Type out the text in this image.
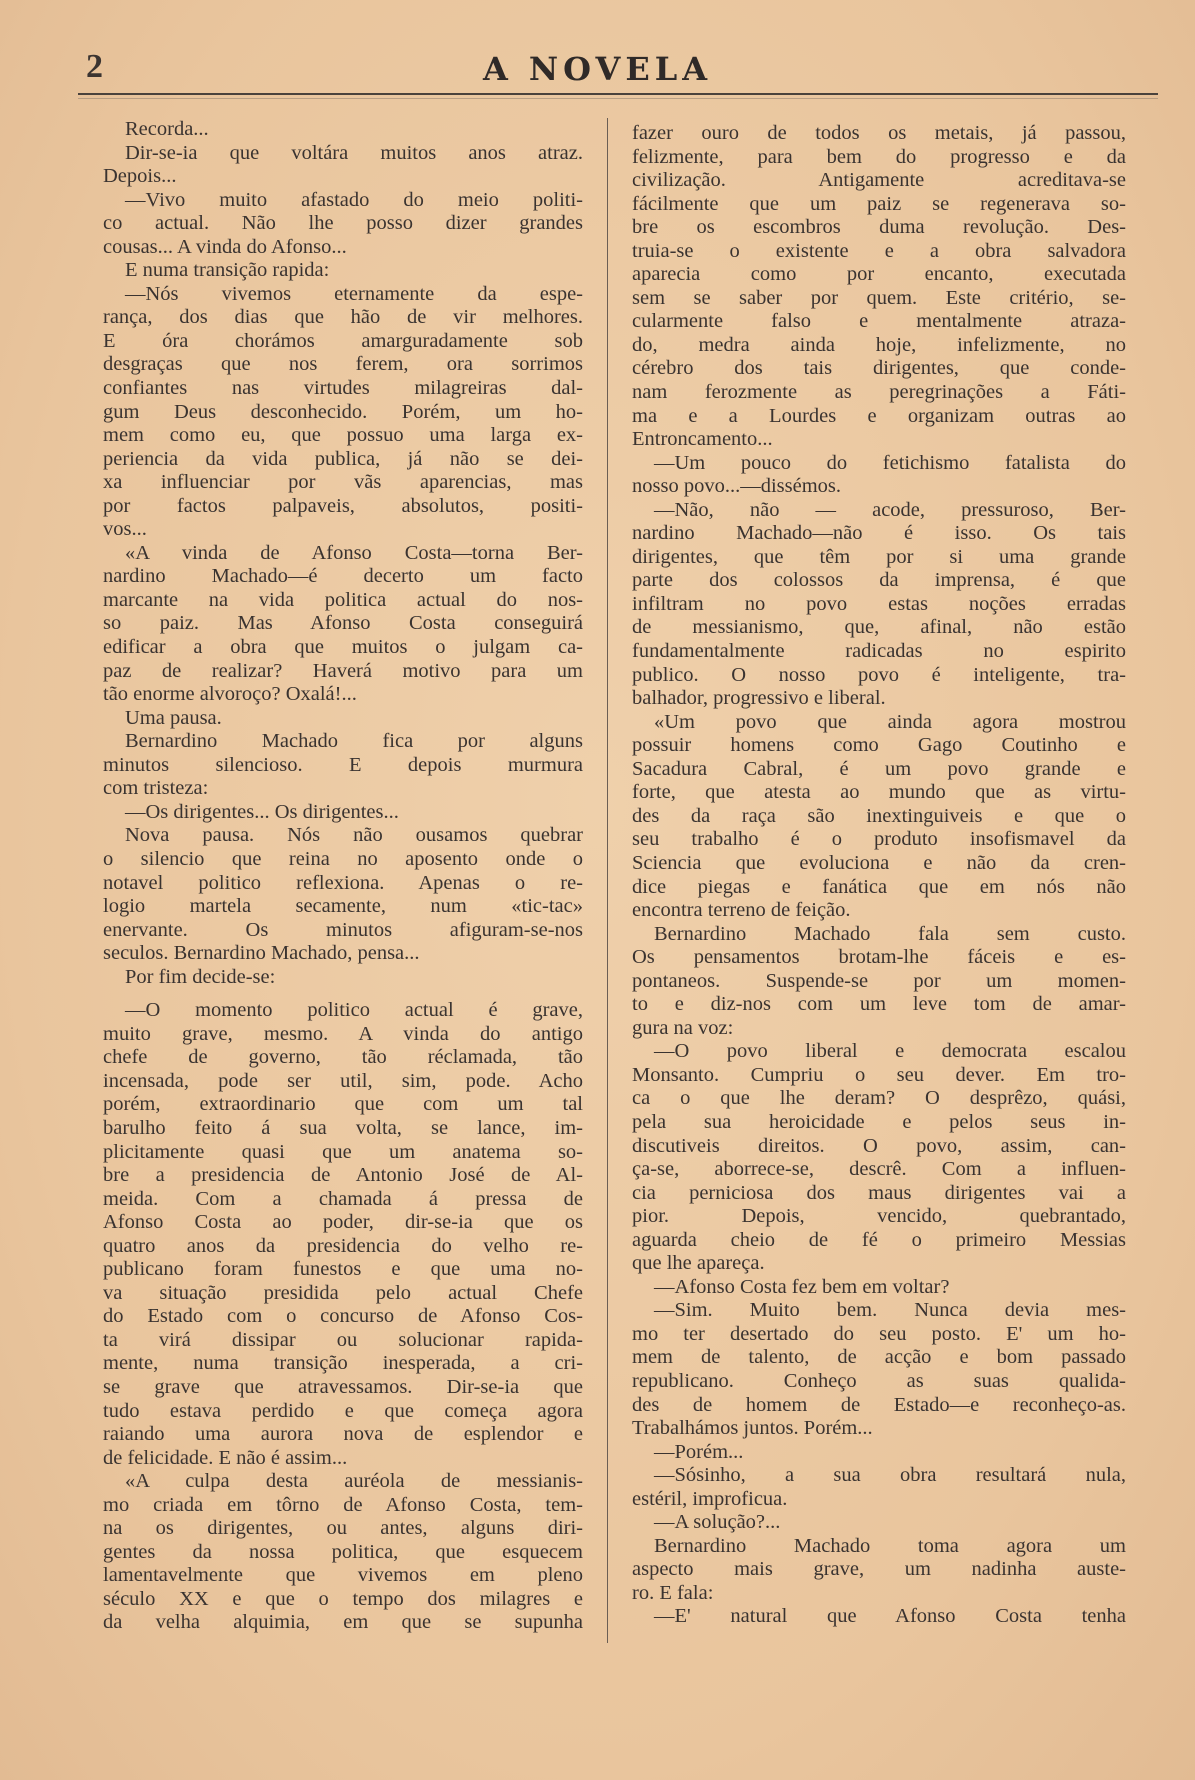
2	A NOVELA
Recorda...
Dir-se-ia que voltára muitos anos atraz.
Depois...
—Vivo muito afastado do meio politi-
co actual. Não lhe posso dizer grandes
cousas... A vinda do Afonso...
E numa transição rapida:
—Nós vivemos eternamente da espe-
rança, dos dias que hão de vir melhores.
E óra chorámos amarguradamente sob
desgraças que nos ferem, ora sorrimos
confiantes nas virtudes milagreiras dal-
gum Deus desconhecido. Porém, um ho-
mem como eu, que possuo uma larga ex-
periencia da vida publica, já não se dei-
xa influenciar por vãs aparencias, mas
por factos palpaveis, absolutos, positi-
vos...
«A vinda de Afonso Costa—torna Ber-
nardino Machado—é decerto um facto
marcante na vida politica actual do nos-
so paiz. Mas Afonso Costa conseguirá
edificar a obra que muitos o julgam ca-
paz de realizar? Haverá motivo para um
tão enorme alvoroço? Oxalá!...
Uma pausa.
Bernardino Machado fica por alguns
minutos silencioso. E depois murmura
com tristeza:
—Os dirigentes... Os dirigentes...
Nova pausa. Nós não ousamos quebrar
o silencio que reina no aposento onde o
notavel politico reflexiona. Apenas o re-
logio martela secamente, num «tic-tac»
enervante. Os minutos afiguram-se-nos
seculos. Bernardino Machado, pensa...
Por fim decide-se:
—O momento politico actual é grave,
muito grave, mesmo. A vinda do antigo
chefe de governo, tão réclamada, tão
incensada, pode ser util, sim, pode. Acho
porém, extraordinario que com um tal
barulho feito á sua volta, se lance, im-
plicitamente quasi que um anatema so-
bre a presidencia de Antonio José de Al-
meida. Com a chamada á pressa de
Afonso Costa ao poder, dir-se-ia que os
quatro anos da presidencia do velho re-
publicano foram funestos e que uma no-
va situação presidida pelo actual Chefe
do Estado com o concurso de Afonso Cos-
ta virá dissipar ou solucionar rapida-
mente, numa transição inesperada, a cri-
se grave que atravessamos. Dir-se-ia que
tudo estava perdido e que começa agora
raiando uma aurora nova de esplendor e
de felicidade. E não é assim...
«A culpa desta auréola de messianis-
mo criada em tôrno de Afonso Costa, tem-
na os dirigentes, ou antes, alguns diri-
gentes da nossa politica, que esquecem
lamentavelmente que vivemos em pleno
século XX e que o tempo dos milagres e
da velha alquimia, em que se supunha
fazer ouro de todos os metais, já passou,
felizmente, para bem do progresso e da
civilização. Antigamente acreditava-se
fácilmente que um paiz se regenerava so-
bre os escombros duma revolução. Des-
truia-se o existente e a obra salvadora
aparecia como por encanto, executada
sem se saber por quem. Este critério, se-
cularmente falso e mentalmente atraza-
do, medra ainda hoje, infelizmente, no
cérebro dos tais dirigentes, que conde-
nam ferozmente as peregrinações a Fáti-
ma e a Lourdes e organizam outras ao
Entroncamento...
—Um pouco do fetichismo fatalista do
nosso povo...—dissémos.
—Não, não — acode, pressuroso, Ber-
nardino Machado—não é isso. Os tais
dirigentes, que têm por si uma grande
parte dos colossos da imprensa, é que
infiltram no povo estas noções erradas
de messianismo, que, afinal, não estão
fundamentalmente radicadas no espirito
publico. O nosso povo é inteligente, tra-
balhador, progressivo e liberal.
«Um povo que ainda agora mostrou
possuir homens como Gago Coutinho e
Sacadura Cabral, é um povo grande e
forte, que atesta ao mundo que as virtu-
des da raça são inextinguiveis e que o
seu trabalho é o produto insofismavel da
Sciencia que evoluciona e não da cren-
dice piegas e fanática que em nós não
encontra terreno de feição.
Bernardino Machado fala sem custo.
Os pensamentos brotam-lhe fáceis e es-
pontaneos. Suspende-se por um momen-
to e diz-nos com um leve tom de amar-
gura na voz:
—O povo liberal e democrata escalou
Monsanto. Cumpriu o seu dever. Em tro-
ca o que lhe deram? O desprêzo, quási,
pela sua heroicidade e pelos seus in-
discutiveis direitos. O povo, assim, can-
ça-se, aborrece-se, descrê. Com a influen-
cia perniciosa dos maus dirigentes vai a
pior. Depois, vencido, quebrantado,
aguarda cheio de fé o primeiro Messias
que lhe apareça.
—Afonso Costa fez bem em voltar?
—Sim. Muito bem. Nunca devia mes-
mo ter desertado do seu posto. E' um ho-
mem de talento, de acção e bom passado
republicano. Conheço as suas qualida-
des de homem de Estado—e reconheço-as.
Trabalhámos juntos. Porém...
—Porém...
—Sósinho, a sua obra resultará nula,
estéril, improficua.
—A solução?...
Bernardino Machado toma agora um
aspecto mais grave, um nadinha auste-
ro. E fala:
—E' natural que Afonso Costa tenha
